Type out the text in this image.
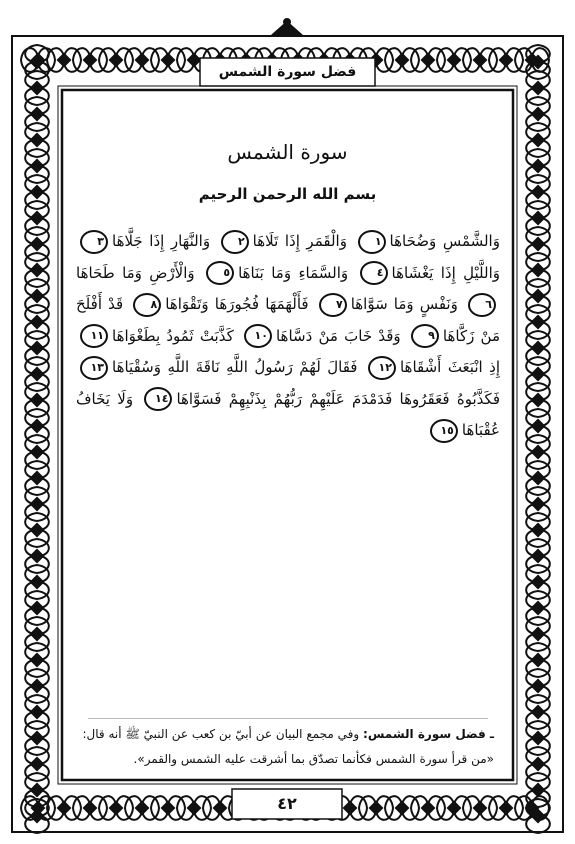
فضل سورة الشمس
سورة الشمس
بسم الله الرحمن الرحيم
وَالشَّمْسِ وَضُحَاهَا١ وَالْقَمَرِ إِذَا تَلَاهَا٢ وَالنَّهَارِ إِذَا جَلَّاهَا٣ وَاللَّيْلِ إِذَا يَغْشَاهَا٤ وَالسَّمَاءِ وَمَا بَنَاهَا٥ وَالْأَرْضِ وَمَا طَحَاهَا٦ وَنَفْسٍ وَمَا سَوَّاهَا٧ فَأَلْهَمَهَا فُجُورَهَا وَتَقْوَاهَا٨ قَدْ أَفْلَحَ مَنْ زَكَّاهَا٩ وَقَدْ خَابَ مَنْ دَسَّاهَا١٠ كَذَّبَتْ ثَمُودُ بِطَغْوَاهَا١١ إِذِ انْبَعَثَ أَشْقَاهَا١٢ فَقَالَ لَهُمْ رَسُولُ اللَّهِ نَاقَةَ اللَّهِ وَسُقْيَاهَا١٣ فَكَذَّبُوهُ فَعَقَرُوهَا فَدَمْدَمَ عَلَيْهِمْ رَبُّهُمْ بِذَنْبِهِمْ فَسَوَّاهَا١٤ وَلَا يَخَافُ عُقْبَاهَا١٥
ـ فضل سورة الشمس: وفي مجمع البيان عن أبيّ بن كعب عن النبيّ ﷺ أنه قال:
«من قرأ سورة الشمس فكأنما تصدّق بما أشرقت عليه الشمس والقمر».
٤٢
